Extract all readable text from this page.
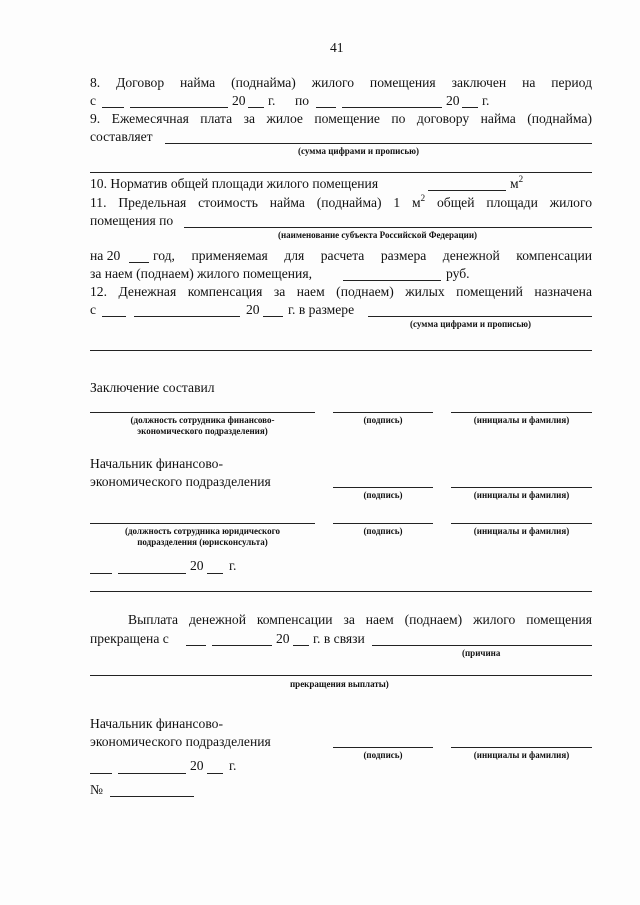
41
8. Договор найма (поднайма) жилого помещения заключен на период
с	20 г. по	20 г.
9. Ежемесячная плата за жилое помещение по договору найма (поднайма)
составляет
(сумма цифрами и прописью)
10. Норматив общей площади жилого помещения	$м^2$
11. Предельная стоимость найма (поднайма) 1 $м^2$ общей площади жилого
помещения по
(наименование субъекта Российской Федерации)
на 20 год, применяемая для расчета размера денежной компенсации
за наем (поднаем) жилого помещения,	руб.
12. Денежная компенсация за наем (поднаем) жилых помещений назначена
с	20 г. в размере
(сумма цифрами и прописью)
Заключение составил
(должность сотрудника финансово-
экономического подразделения)
(подпись)	(инициалы и фамилия)
Начальник финансово-
экономического подразделения
(подпись)	(инициалы и фамилия)
(должность сотрудника юридического
подразделения (юрисконсульта)
(подпись)	(инициалы и фамилия)
20 г.
Выплата денежной компенсации за наем (поднаем) жилого помещения
прекращена с	20 г. в связи
(причина
прекращения выплаты)
Начальник финансово-
экономического подразделения
(подпись)	(инициалы и фамилия)
20 г.
№
